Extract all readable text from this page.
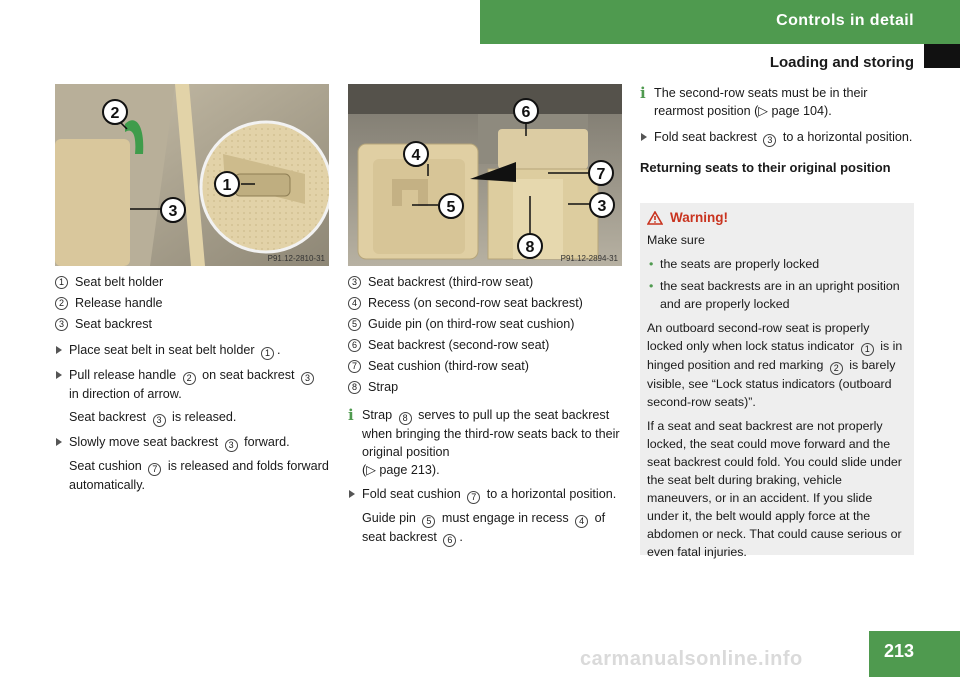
Controls in detail
Loading and storing
2
3
1
P91.12-2810-31
6
4
7
5	3
8
P91.12-2894-31
1 Seat belt holder
2 Release handle
3 Seat backrest

Place seat belt in seat belt holder 1 .

Pull release handle 2 on seat backrest 3 in direction of arrow.

Seat backrest 3 is released.

Slowly move seat backrest 3 forward.

Seat cushion 7 is released and folds forward automatically.

3 Seat backrest (third-row seat)
4 Recess (on second-row seat backrest)
5 Guide pin (on third-row seat cushion)
6 Seat backrest (second-row seat)
7 Seat cushion (third-row seat)
8 Strap

i Strap 8 serves to pull up the seat backrest when bringing the third-row seats back to their original position
(▷ page 213).

Fold seat cushion 7 to a horizontal position.

Guide pin 5 must engage in recess 4 of seat backrest 6 .

i The second-row seats must be in their rearmost position (▷ page 104).

Fold seat backrest 3 to a horizontal position.

Returning seats to their original position

Warning!

Make sure

• the seats are properly locked
• the seat backrests are in an upright position and are properly locked

An outboard second-row seat is properly locked only when lock status indicator 1 is in hinged position and red marking 2 is barely visible, see “Lock status indicators (outboard second-row seats)”.

If a seat and seat backrest are not properly locked, the seat could move forward and the seat backrest could fold. You could slide under the seat belt during braking, vehicle maneuvers, or in an accident. If you slide under it, the belt would apply force at the abdomen or neck. That could cause serious or even fatal injuries.

213
carmanualsonline.info
